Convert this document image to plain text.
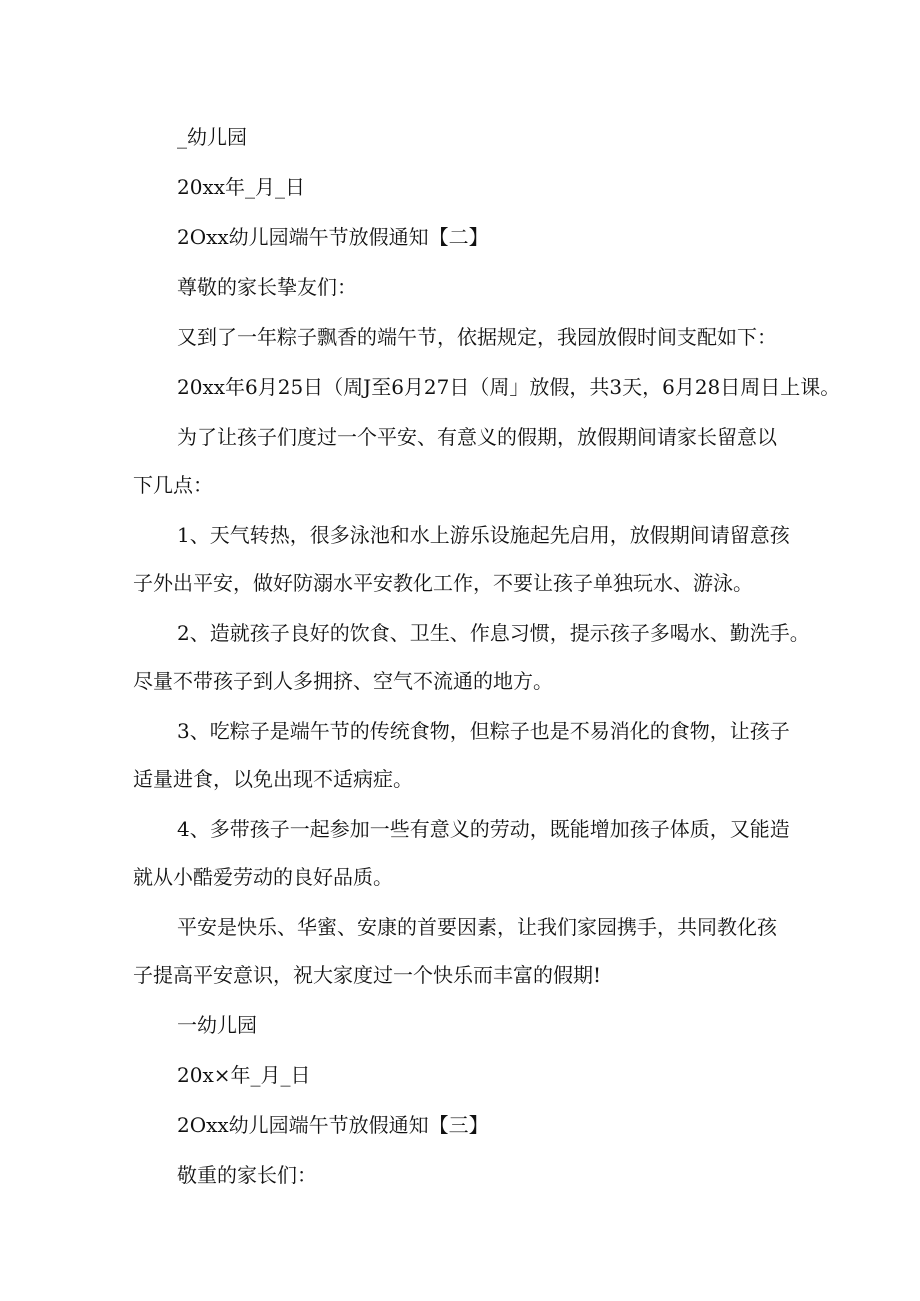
_幼儿园
20xx年_月_日
2Oxx幼儿园端午节放假通知【二】
尊敬的家长挚友们：
又到了一年粽子飘香的端午节，依据规定，我园放假时间支配如下：
20xx年6月25日（周J至6月27日（周」放假，共3天，6月28日周日上课。
为了让孩子们度过一个平安、有意义的假期，放假期间请家长留意以
下几点：
1、天气转热，很多泳池和水上游乐设施起先启用，放假期间请留意孩
子外出平安，做好防溺水平安教化工作，不要让孩子单独玩水、游泳。
2、造就孩子良好的饮食、卫生、作息习惯，提示孩子多喝水、勤洗手。
尽量不带孩子到人多拥挤、空气不流通的地方。
3、吃粽子是端午节的传统食物，但粽子也是不易消化的食物，让孩子
适量进食，以免出现不适病症。
4、多带孩子一起参加一些有意义的劳动，既能增加孩子体质，又能造
就从小酷爱劳动的良好品质。
平安是快乐、华蜜、安康的首要因素，让我们家园携手，共同教化孩
子提高平安意识，祝大家度过一个快乐而丰富的假期!
一幼儿园
20x×年_月_日
2Oxx幼儿园端午节放假通知【三】
敬重的家长们：
